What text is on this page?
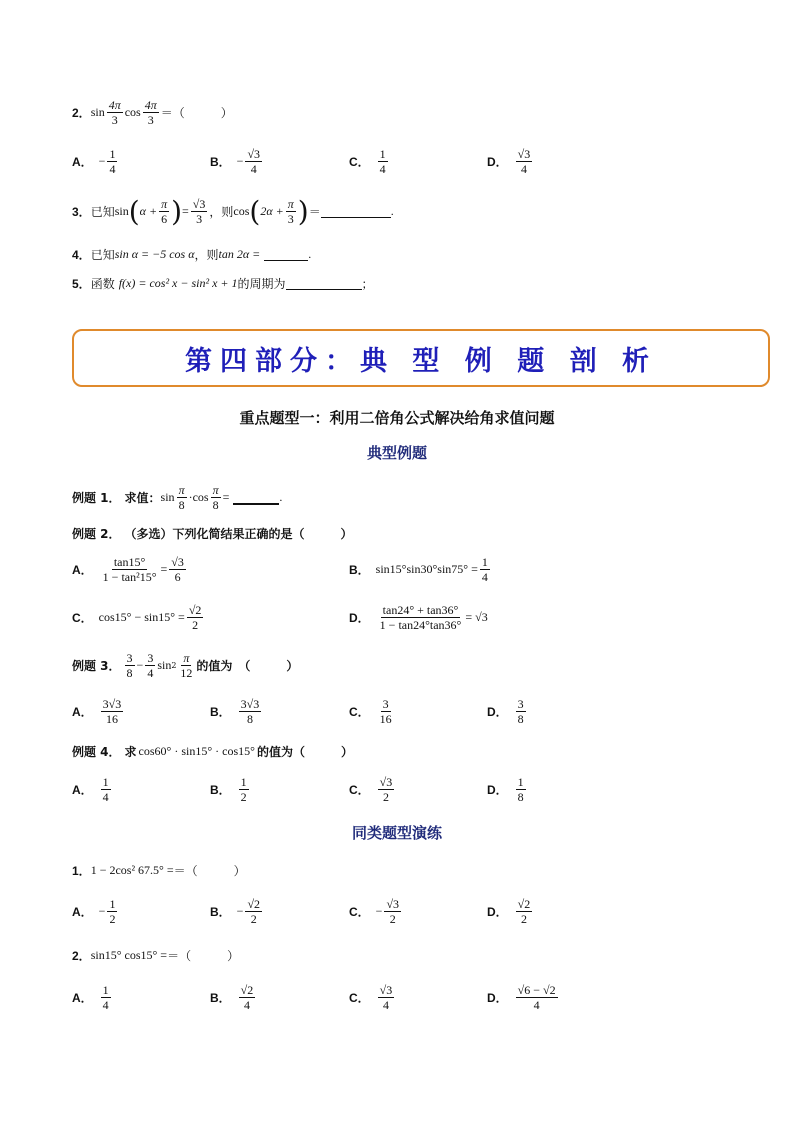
2． $\sin \frac{4\pi}{3}$ $\cos \frac{4\pi}{3}$ ＝（　　　）
A． − $\frac{1}{4}$	B． − $\frac{√3}{4}$	C． $\frac{1}{4}$	D． $\frac{√3}{4}$
3． 已知 sin ( $\alpha + \frac{\pi}{6}$ ) = $\frac{√3}{3}$ ，则 cos ( $2\alpha + \frac{\pi}{3}$ ) ＝	.
4． 已知 sin α = −5 cos α ，则 tan 2α =	.
5． 函数 f(x) = cos² x − sin² x + 1 的周期为	；
第四部分：典 型 例 题 剖 析
重点题型一：利用二倍角公式解决给角求值问题
典型例题
例题 1． 求值： $\sin \frac{\pi}{8} \cdot \cos \frac{\pi}{8}$ =	.
例题 2． （多选）下列化简结果正确的是（　　　）
A． $\frac{\tan 15^\circ}{\text{1 − tan²15°}} = \frac{√3}{6}$	B． $\sin 15^\circ\sin 30^\circ\sin 75^\circ = \frac{1}{4}$
C． $\cos 15^\circ - \sin 15^\circ = \frac{√2}{2}$	D． $\frac{\tan 24^\circ + \tan 36^\circ}{1 - \tan 24^\circ\tan 36^\circ} = √3$
例题 3． $\frac{3}{8} - \frac{3}{4}$ $\sin 2 \frac{\pi}{12}$ 的值为　（　　　）
A． $\frac{3√3}{16}$	B． $\frac{3√3}{8}$	C． $\frac{3}{16}$	D． $\frac{3}{8}$
例题 4． 求 cos60° · sin15° · cos15° 的值为（　　　）
A． $\frac{1}{4}$	B． $\frac{1}{2}$	C． $\frac{√3}{2}$	D． $\frac{1}{8}$
同类题型演练
1． 1 − 2cos² 67.5° = ＝（　　　）
A． − $\frac{1}{2}$	B． − $\frac{√2}{2}$	C． − $\frac{√3}{2}$	D． $\frac{√2}{2}$
2． sin15° cos15° = ＝（　　　）
A． $\frac{1}{4}$	B． $\frac{√2}{4}$	C． $\frac{√3}{4}$	D． $\frac{√6 - √2}{4}$
